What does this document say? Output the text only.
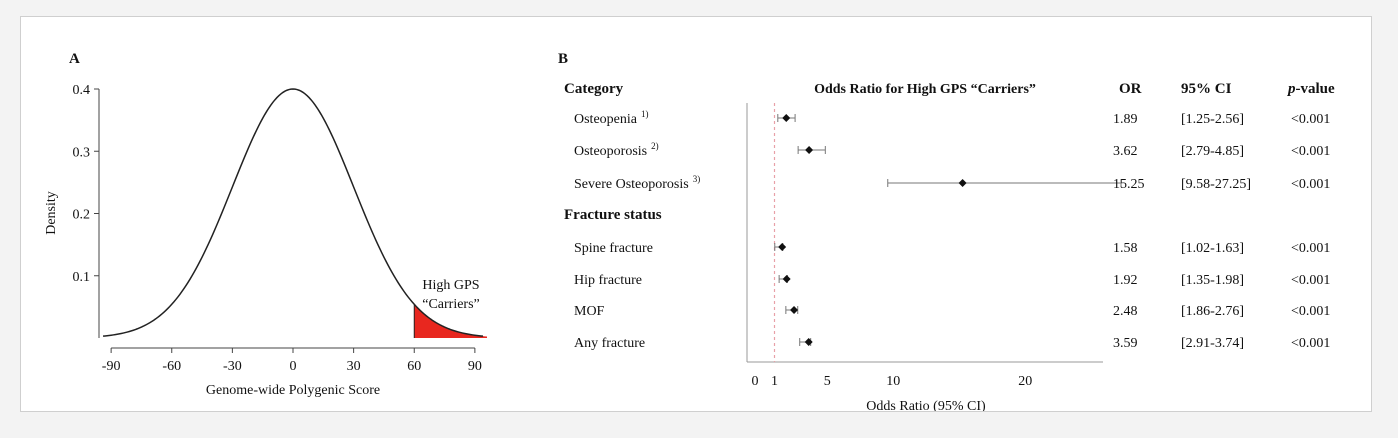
A
0.1
0.2
0.3
0.4
-90	-60	-30	0	30	60	90
Genome-wide Polygenic Score
Density
High GPS
“Carriers”
B
Category	Odds Ratio for High GPS “Carriers”	OR	95% CI	p-value
0 1	5	10	20
Odds Ratio (95% CI)
Osteopenia $^{1)}$	1.89	[1.25-2.56]	<0.001
Osteoporosis $^{2)}$	3.62	[2.79-4.85]	<0.001
Severe Osteoporosis $^{3)}$	15.25	[9.58-27.25]	<0.001
Fracture status
Spine fracture	1.58	[1.02-1.63]	<0.001
Hip fracture	1.92	[1.35-1.98]	<0.001
MOF	2.48	[1.86-2.76]	<0.001
Any fracture	3.59	[2.91-3.74]	<0.001
